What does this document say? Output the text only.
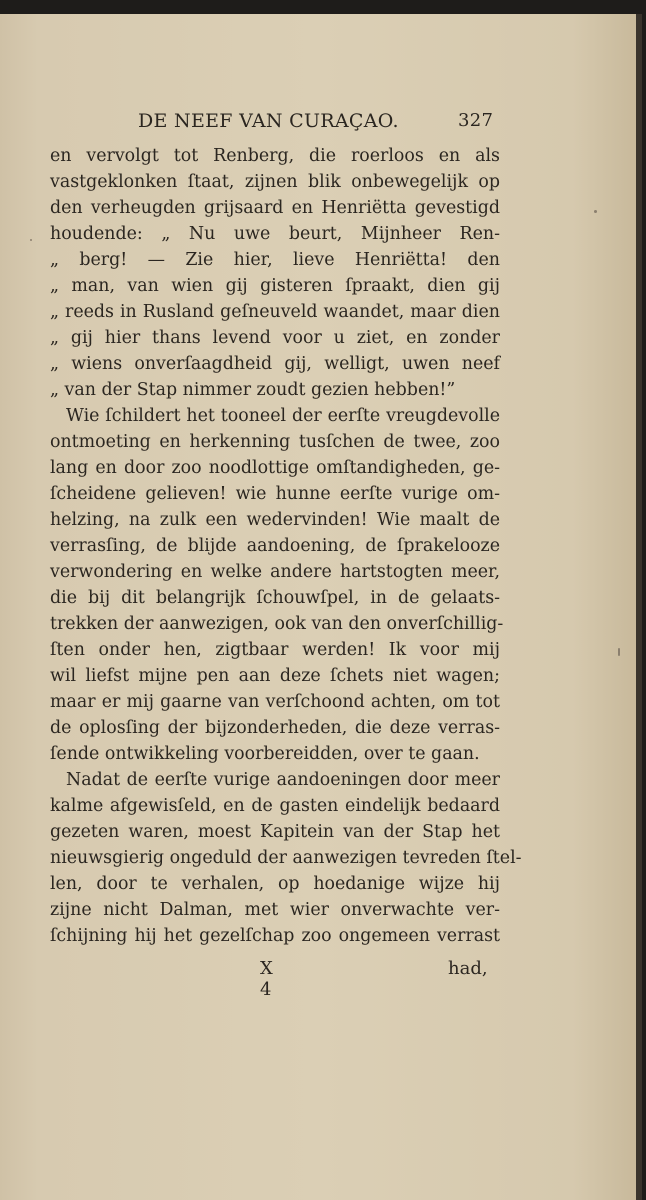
DE NEEF VAN CURAÇAO.	327
en vervolgt tot Renberg, die roerloos en als
vastgeklonken ſtaat, zijnen blik onbewegelijk op
den verheugden grijsaard en Henriëtta gevestigd
houdende: „ Nu uwe beurt, Mijnheer Ren-
„ berg! — Zie hier, lieve Henriëtta! den
„ man, van wien gij gisteren ſpraakt, dien gij
„ reeds in Rusland geſneuveld waandet, maar dien
„ gij hier thans levend voor u ziet, en zonder
„ wiens onverſaagdheid gij, welligt, uwen neef
„ van der Stap nimmer zoudt gezien hebben!”
Wie ſchildert het tooneel der eerſte vreugdevolle
ontmoeting en herkenning tusſchen de twee, zoo
lang en door zoo noodlottige omſtandigheden, ge-
ſcheidene gelieven! wie hunne eerſte vurige om-
helzing, na zulk een wedervinden! Wie maalt de
verrasſing, de blijde aandoening, de ſprakelooze
verwondering en welke andere hartstogten meer,
die bij dit belangrijk ſchouwſpel, in de gelaats-
trekken der aanwezigen, ook van den onverſchillig-
ſten onder hen, zigtbaar werden! Ik voor mij
wil liefst mijne pen aan deze ſchets niet wagen;
maar er mij gaarne van verſchoond achten, om tot
de oplosſing der bijzonderheden, die deze verras-
ſende ontwikkeling voorbereidden, over te gaan.
Nadat de eerſte vurige aandoeningen door meer
kalme afgewisſeld, en de gasten eindelijk bedaard
gezeten waren, moest Kapitein van der Stap het
nieuwsgierig ongeduld der aanwezigen tevreden ſtel-
len, door te verhalen, op hoedanige wijze hij
zijne nicht Dalman, met wier onverwachte ver-
ſchijning hij het gezelſchap zoo ongemeen verrast
X 4
had,
